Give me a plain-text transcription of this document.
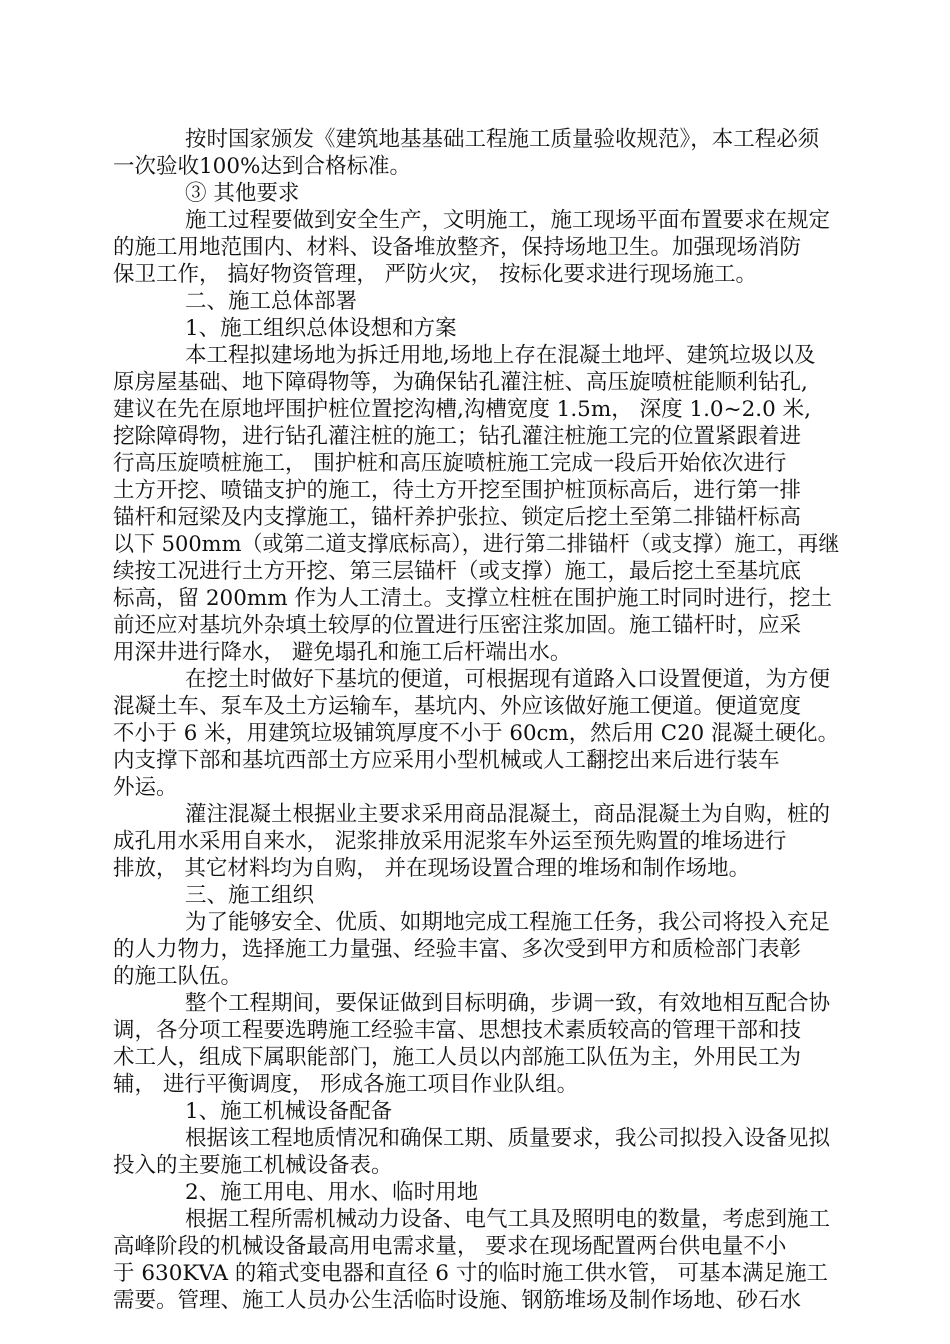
按时国家颁发《建筑地基基础工程施工质量验收规范》，本工程必须
一次验收100%达到合格标准。
③ 其他要求
施工过程要做到安全生产，文明施工，施工现场平面布置要求在规定
的施工用地范围内、材料、设备堆放整齐，保持场地卫生。加强现场消防
保卫工作， 搞好物资管理， 严防火灾， 按标化要求进行现场施工。
二、施工总体部署
1、施工组织总体设想和方案
本工程拟建场地为拆迁用地,场地上存在混凝土地坪、建筑垃圾以及
原房屋基础、地下障碍物等，为确保钻孔灌注桩、高压旋喷桩能顺利钻孔,
建议在先在原地坪围护桩位置挖沟槽,沟槽宽度 1.5m， 深度 1.0~2.0 米,
挖除障碍物，进行钻孔灌注桩的施工；钻孔灌注桩施工完的位置紧跟着进
行高压旋喷桩施工， 围护桩和高压旋喷桩施工完成一段后开始依次进行
土方开挖、喷锚支护的施工，待土方开挖至围护桩顶标高后，进行第一排
锚杆和冠梁及内支撑施工，锚杆养护张拉、锁定后挖土至第二排锚杆标高
以下 500mm（或第二道支撑底标高），进行第二排锚杆（或支撑）施工，再继
续按工况进行土方开挖、第三层锚杆（或支撑）施工，最后挖土至基坑底
标高，留 200mm 作为人工清土。支撑立柱桩在围护施工时同时进行，挖土
前还应对基坑外杂填土较厚的位置进行压密注浆加固。施工锚杆时，应采
用深井进行降水， 避免塌孔和施工后杆端出水。
在挖土时做好下基坑的便道，可根据现有道路入口设置便道，为方便
混凝土车、泵车及土方运输车，基坑内、外应该做好施工便道。便道宽度
不小于 6 米，用建筑垃圾铺筑厚度不小于 60cm，然后用 C20 混凝土硬化。
内支撑下部和基坑西部土方应采用小型机械或人工翻挖出来后进行装车
外运。
灌注混凝土根据业主要求采用商品混凝土，商品混凝土为自购，桩的
成孔用水采用自来水， 泥浆排放采用泥浆车外运至预先购置的堆场进行
排放， 其它材料均为自购， 并在现场设置合理的堆场和制作场地。
三、施工组织
为了能够安全、优质、如期地完成工程施工任务，我公司将投入充足
的人力物力，选择施工力量强、经验丰富、多次受到甲方和质检部门表彰
的施工队伍。
整个工程期间，要保证做到目标明确，步调一致，有效地相互配合协
调，各分项工程要选聘施工经验丰富、思想技术素质较高的管理干部和技
术工人，组成下属职能部门，施工人员以内部施工队伍为主，外用民工为
辅， 进行平衡调度， 形成各施工项目作业队组。
1、施工机械设备配备
根据该工程地质情况和确保工期、质量要求，我公司拟投入设备见拟
投入的主要施工机械设备表。
2、施工用电、用水、临时用地
根据工程所需机械动力设备、电气工具及照明电的数量，考虑到施工
高峰阶段的机械设备最高用电需求量， 要求在现场配置两台供电量不小
于 630KVA 的箱式变电器和直径 6 寸的临时施工供水管， 可基本满足施工
需要。管理、施工人员办公生活临时设施、钢筋堆场及制作场地、砂石水
